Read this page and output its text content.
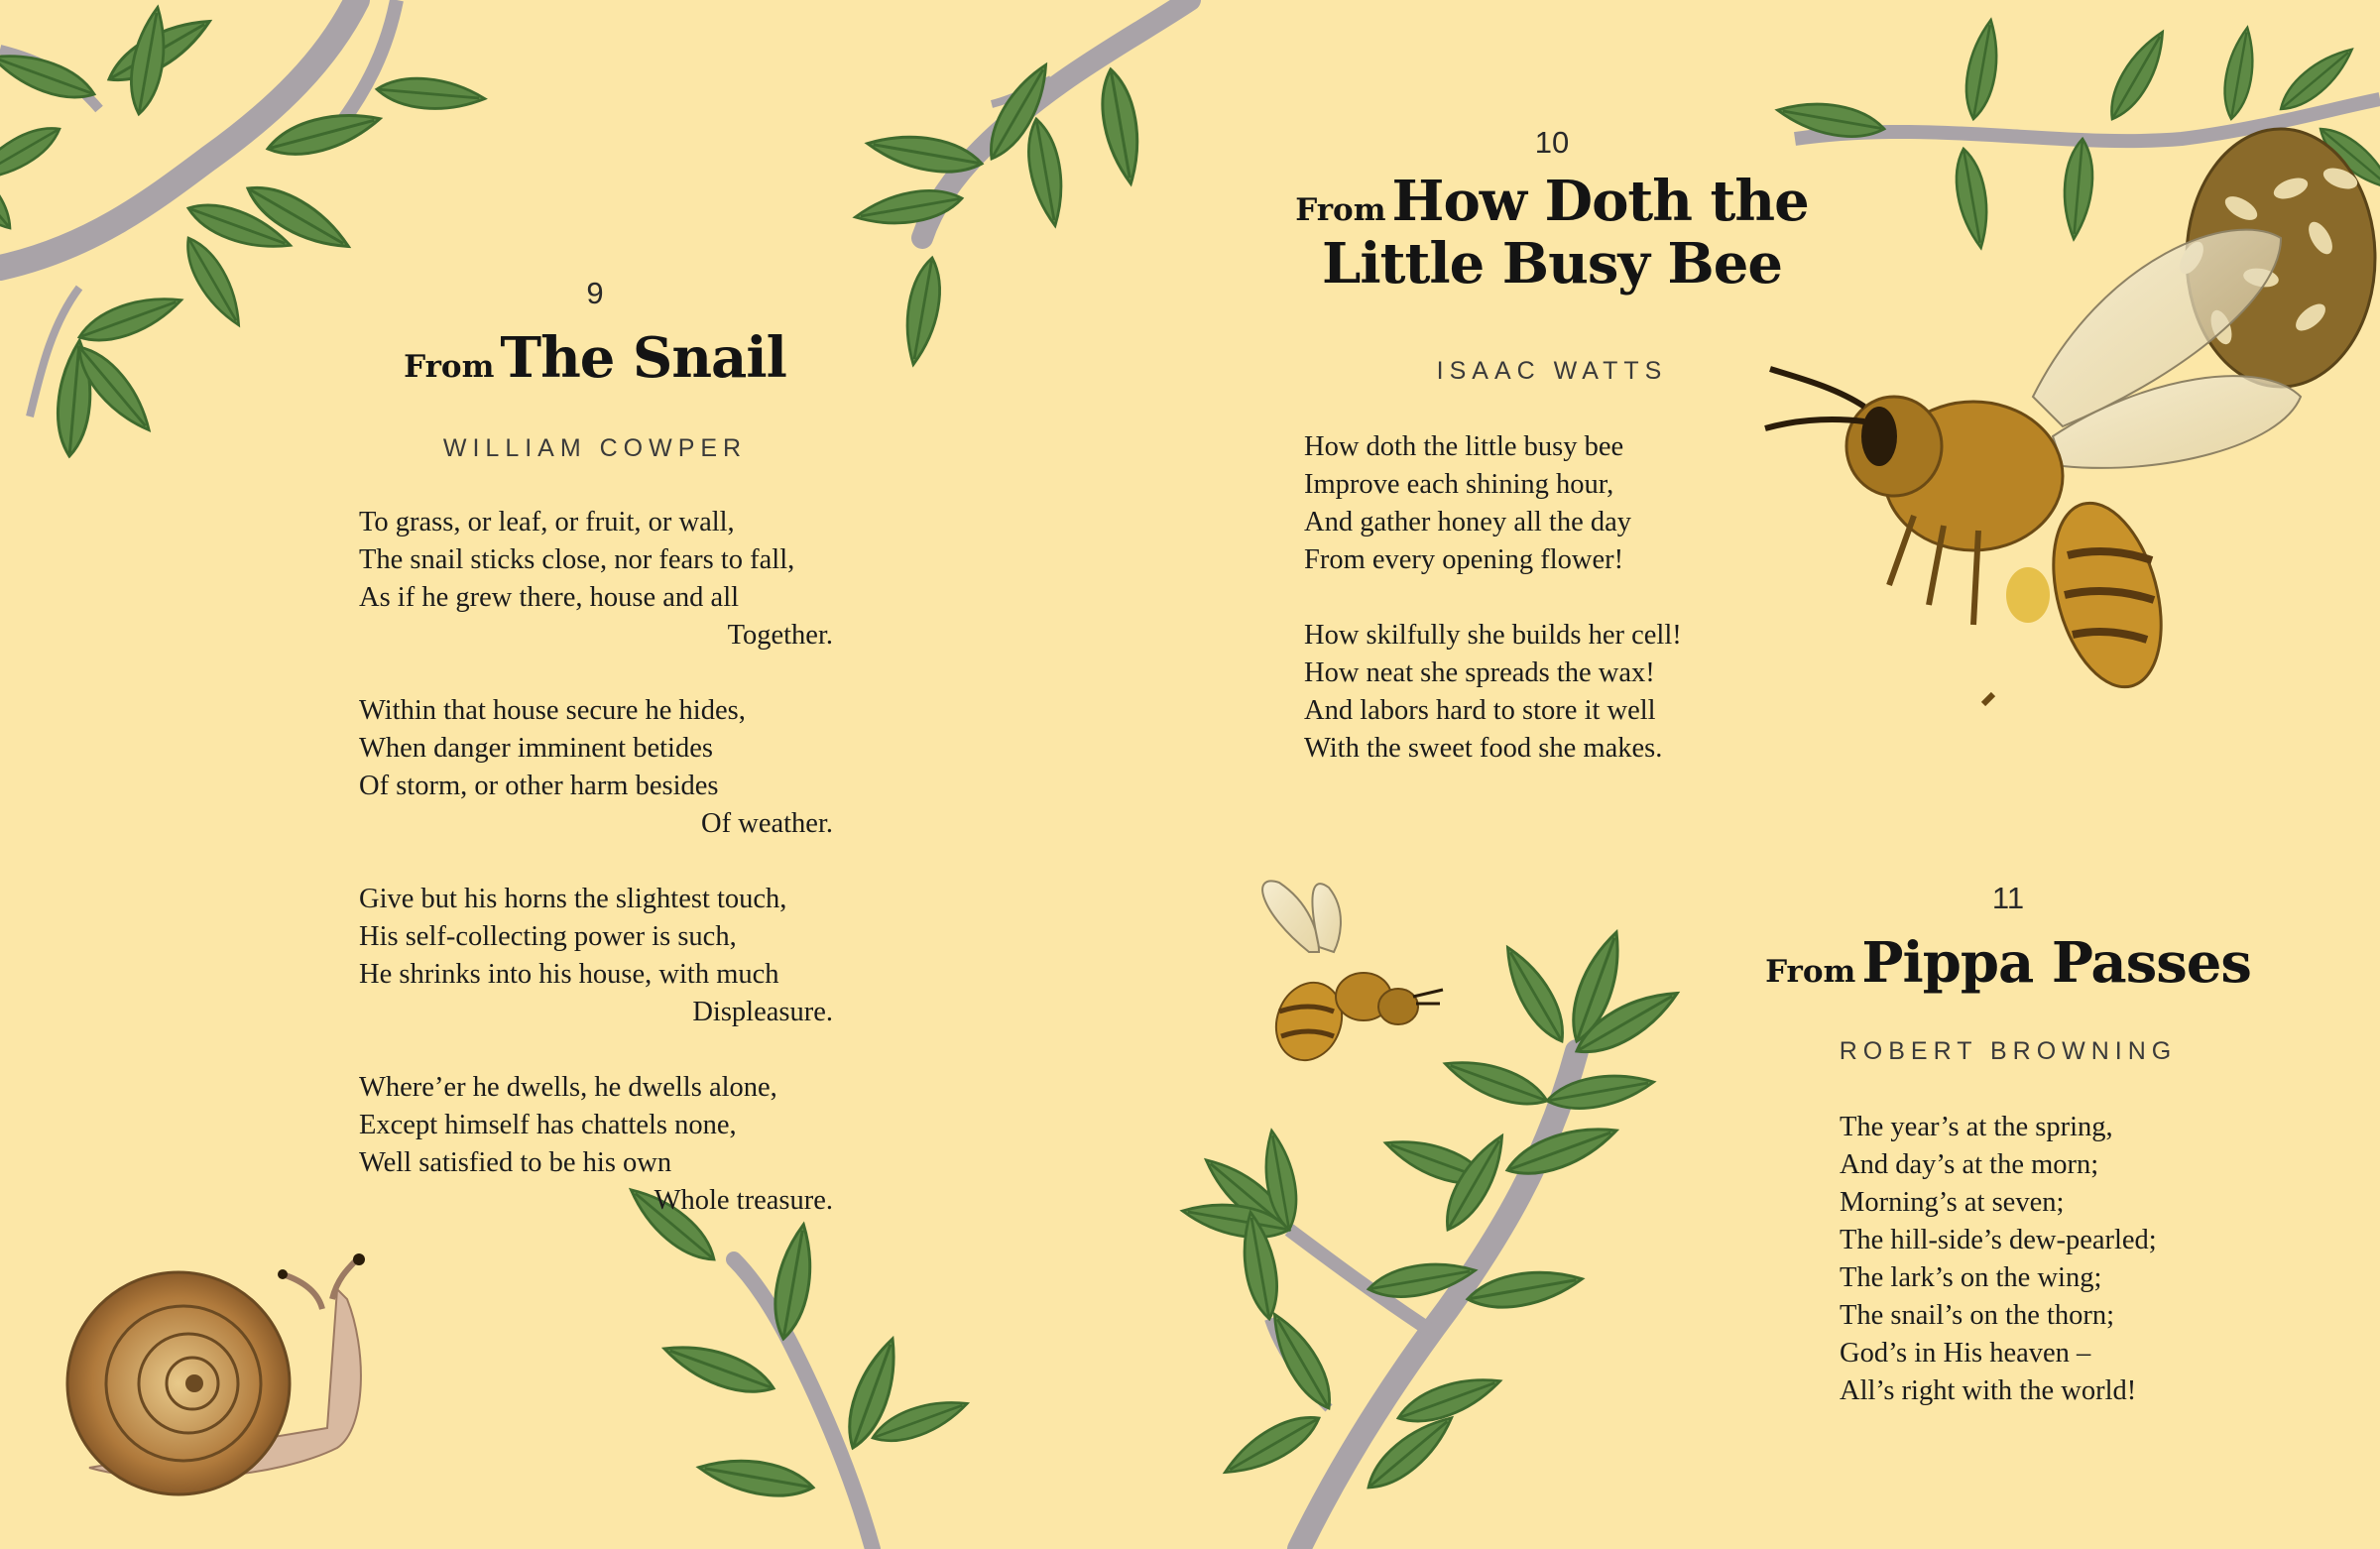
9
From The Snail
WILLIAM COWPER
To grass, or leaf, or fruit, or wall,
The snail sticks close, nor fears to fall,
As if he grew there, house and all
Together.
Within that house secure he hides,
When danger imminent betides
Of storm, or other harm besides
Of weather.
Give but his horns the slightest touch,
His self-collecting power is such,
He shrinks into his house, with much
Displeasure.
Where’er he dwells, he dwells alone,
Except himself has chattels none,
Well satisfied to be his own
Whole treasure.
10
From How Doth the
Little Busy Bee
ISAAC WATTS
How doth the little busy bee
Improve each shining hour,
And gather honey all the day
From every opening flower!
How skilfully she builds her cell!
How neat she spreads the wax!
And labors hard to store it well
With the sweet food she makes.
11
From Pippa Passes
ROBERT BROWNING
The year’s at the spring,
And day’s at the morn;
Morning’s at seven;
The hill-side’s dew-pearled;
The lark’s on the wing;
The snail’s on the thorn;
God’s in His heaven –
All’s right with the world!
